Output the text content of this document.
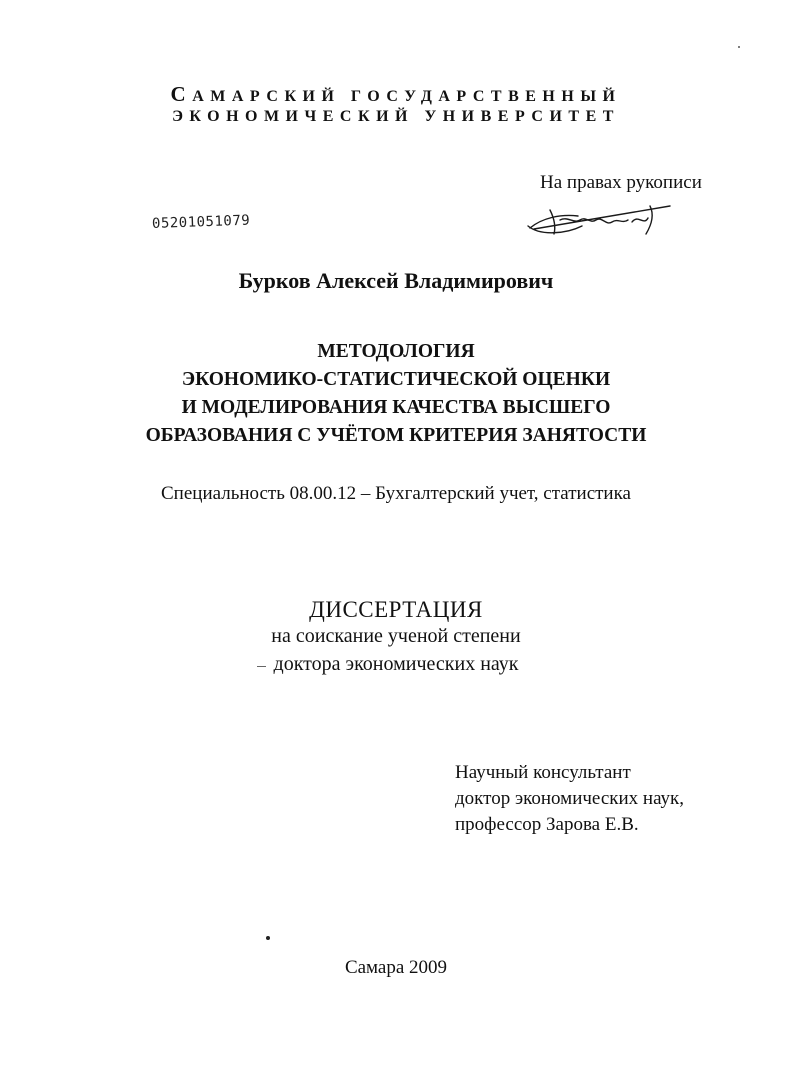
САМАРСКИЙ ГОСУДАРСТВЕННЫЙ
ЭКОНОМИЧЕСКИЙ УНИВЕРСИТЕТ
На правах рукописи
05201051079
Бурков Алексей Владимирович
МЕТОДОЛОГИЯ
ЭКОНОМИКО-СТАТИСТИЧЕСКОЙ ОЦЕНКИ
И МОДЕЛИРОВАНИЯ КАЧЕСТВА ВЫСШЕГО
ОБРАЗОВАНИЯ С УЧЁТОМ КРИТЕРИЯ ЗАНЯТОСТИ
Специальность 08.00.12 – Бухгалтерский учет, статистика
ДИССЕРТАЦИЯ
на соискание ученой степени
доктора экономических наук
Научный консультант
доктор экономических наук,
профессор Зарова Е.В.
Самара 2009
